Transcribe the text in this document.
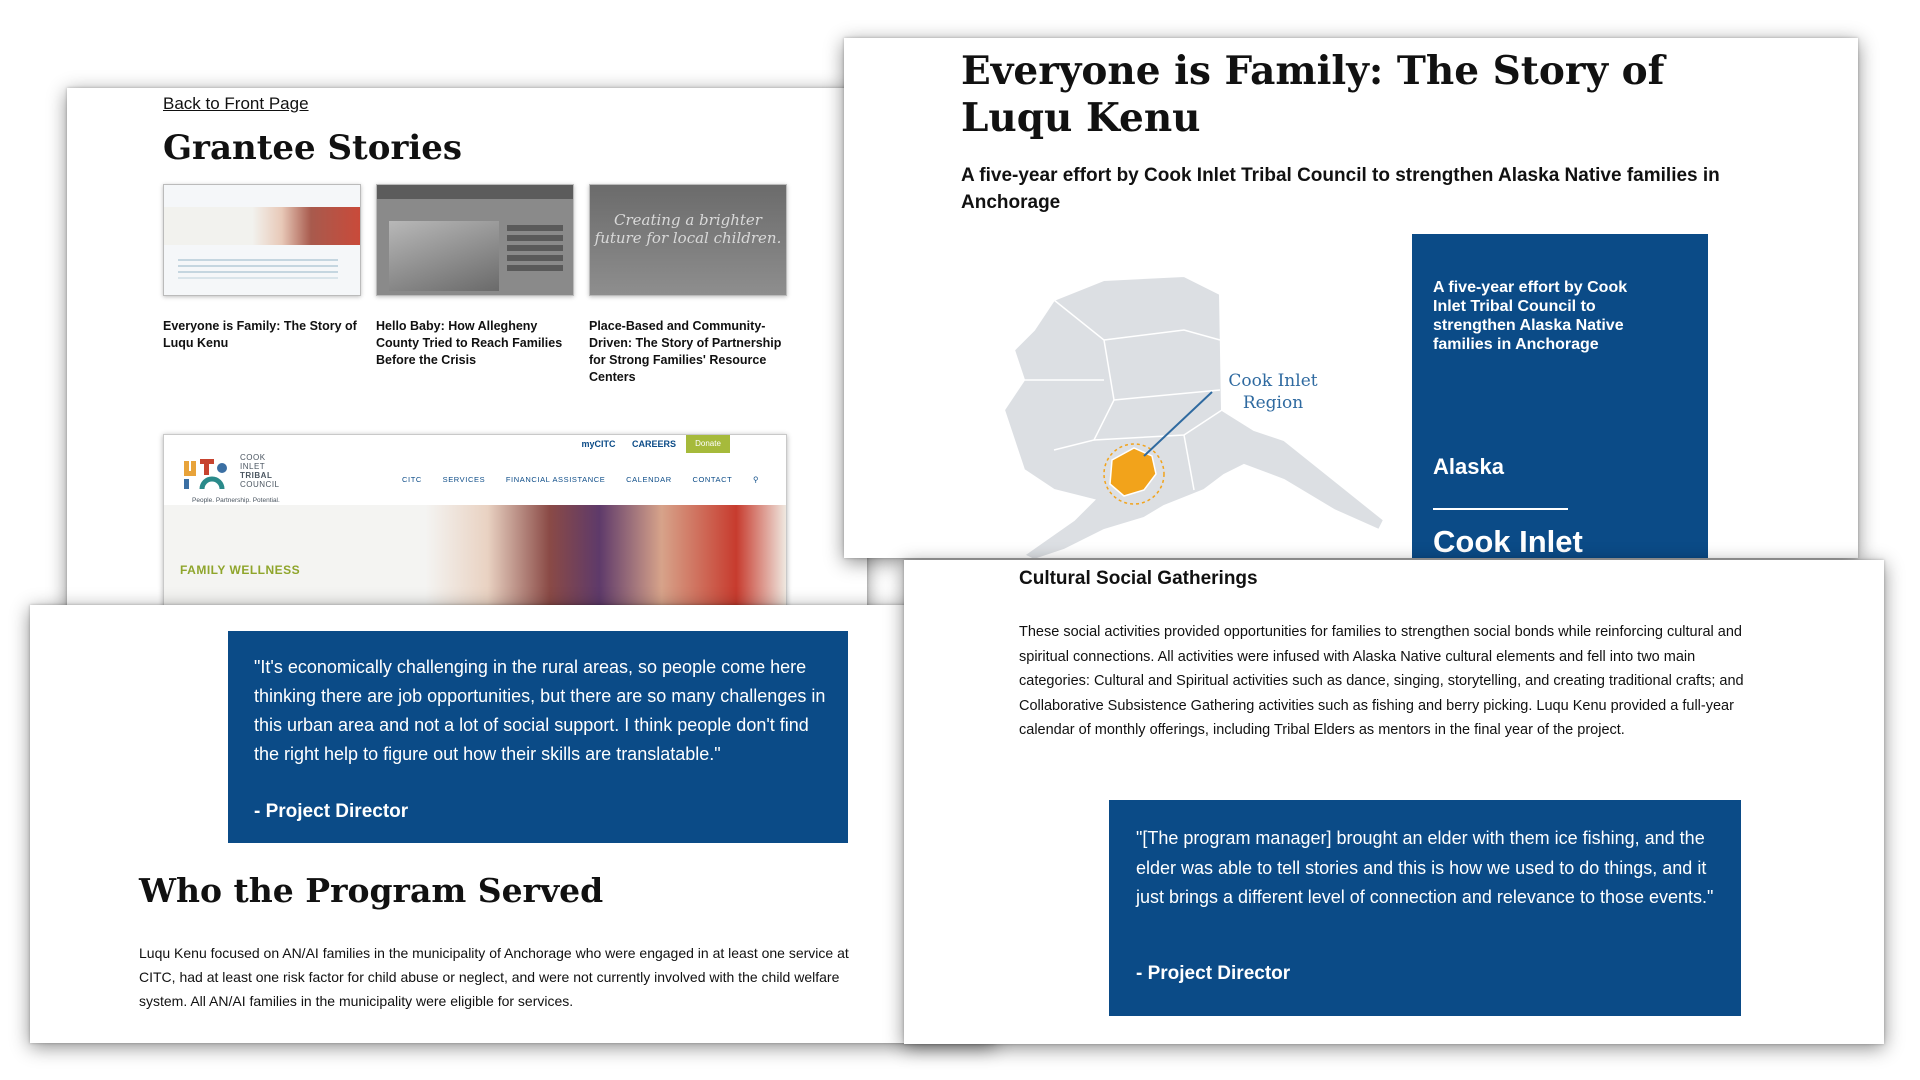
Back to Front Page
Grantee Stories
Everyone is Family: The Story of Luqu Kenu
Hello Baby: How Allegheny County Tried to Reach Families Before the Crisis
Creating a brighter future for local children.
Place-Based and Community-Driven: The Story of Partnership for Strong Families' Resource Centers
myCITC CAREERS	Donate
COOK
INLET
TRIBAL
COUNCIL
People. Partnership. Potential.
CITC	SERVICES	FINANCIAL ASSISTANCE	CALENDAR	CONTACT	⚲
FAMILY WELLNESS
Everyone is Family: The Story of Luqu Kenu

A five-year effort by Cook Inlet Tribal Council to strengthen Alaska Native families in Anchorage

Cook Inlet
Region
A five-year effort by Cook Inlet Tribal Council to strengthen Alaska Native families in Anchorage
Alaska
Cook Inlet
"It's economically challenging in the rural areas, so people come here thinking there are job opportunities, but there are so many challenges in this urban area and not a lot of social support. I think people don't find the right help to figure out how their skills are translatable."
- Project Director
Who the Program Served

Luqu Kenu focused on AN/AI families in the municipality of Anchorage who were engaged in at least one service at CITC, had at least one risk factor for child abuse or neglect, and were not currently involved with the child welfare system. All AN/AI families in the municipality were eligible for services.

Cultural Social Gatherings

These social activities provided opportunities for families to strengthen social bonds while reinforcing cultural and spiritual connections. All activities were infused with Alaska Native cultural elements and fell into two main categories: Cultural and Spiritual activities such as dance, singing, storytelling, and creating traditional crafts; and Collaborative Subsistence Gathering activities such as fishing and berry picking. Luqu Kenu provided a full-year calendar of monthly offerings, including Tribal Elders as mentors in the final year of the project.

"[The program manager] brought an elder with them ice fishing, and the elder was able to tell stories and this is how we used to do things, and it just brings a different level of connection and relevance to those events."
- Project Director
